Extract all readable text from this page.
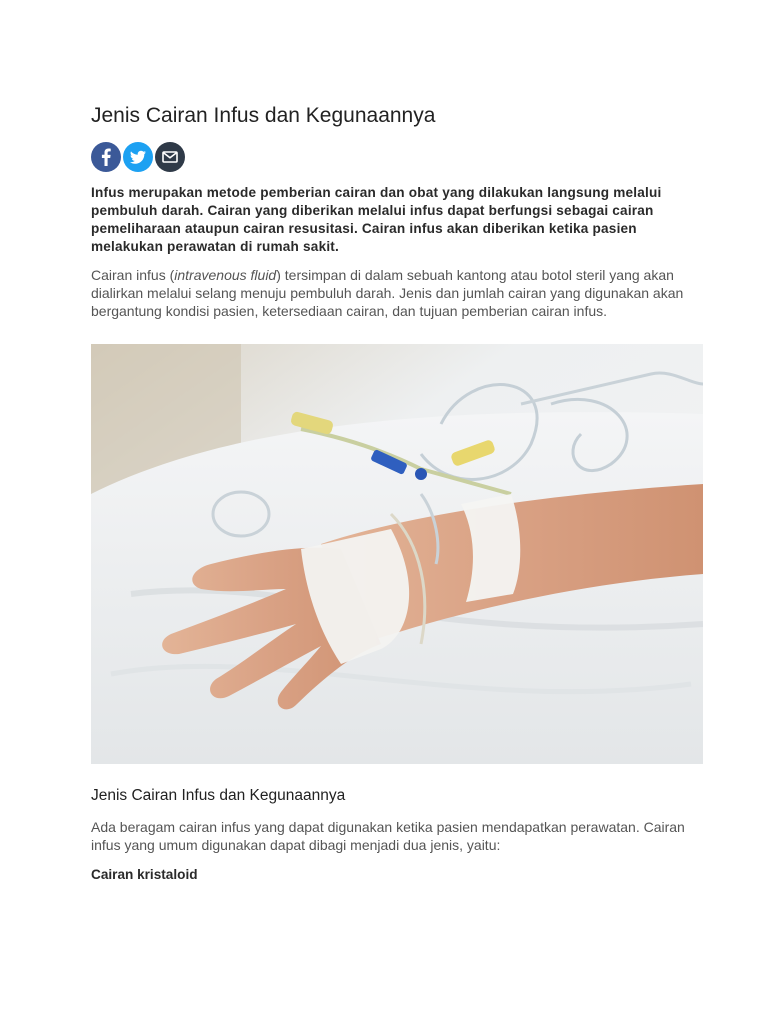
Jenis Cairan Infus dan Kegunaannya

Infus merupakan metode pemberian cairan dan obat yang dilakukan langsung melalui pembuluh darah. Cairan yang diberikan melalui infus dapat berfungsi sebagai cairan pemeliharaan ataupun cairan resusitasi. Cairan infus akan diberikan ketika pasien melakukan perawatan di rumah sakit.

Cairan infus (intravenous fluid) tersimpan di dalam sebuah kantong atau botol steril yang akan dialirkan melalui selang menuju pembuluh darah. Jenis dan jumlah cairan yang digunakan akan bergantung kondisi pasien, ketersediaan cairan, dan tujuan pemberian cairan infus.

Jenis Cairan Infus dan Kegunaannya

Ada beragam cairan infus yang dapat digunakan ketika pasien mendapatkan perawatan. Cairan infus yang umum digunakan dapat dibagi menjadi dua jenis, yaitu:

Cairan kristaloid
